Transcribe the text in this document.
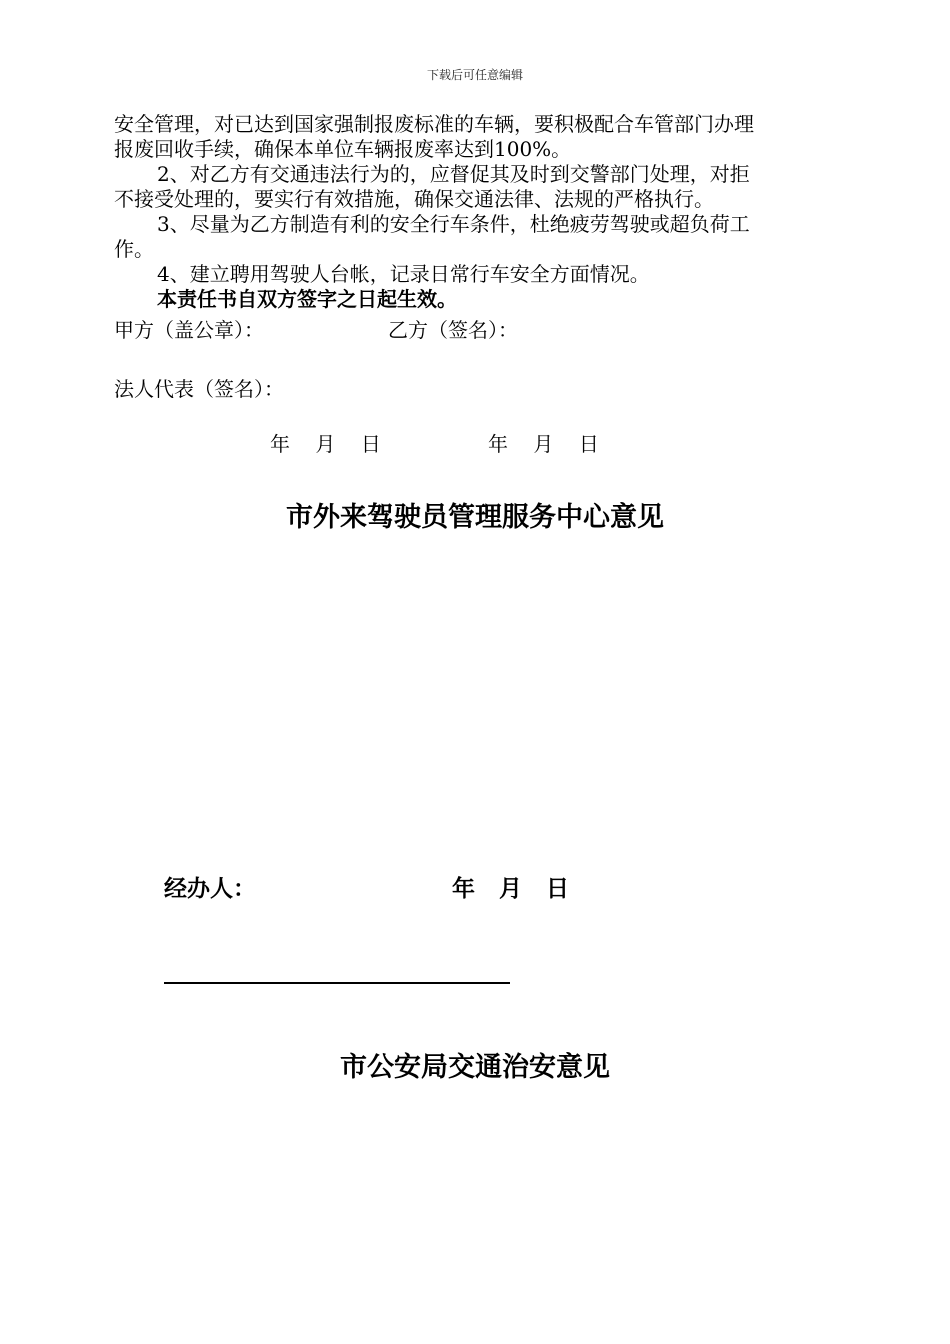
下载后可任意编辑

安全管理，对已达到国家强制报废标准的车辆，要积极配合车管部门办理

报废回收手续，确保本单位车辆报废率达到100%。

2、对乙方有交通违法行为的，应督促其及时到交警部门处理，对拒

不接受处理的，要实行有效措施，确保交通法律、法规的严格执行。

3、尽量为乙方制造有利的安全行车条件，杜绝疲劳驾驶或超负荷工

作。

4、建立聘用驾驶人台帐，记录日常行车安全方面情况。

本责任书自双方签字之日起生效。

甲方（盖公章）：	乙方（签名）：
法人代表（签名）：
年    月    日	年    月    日
市外来驾驶员管理服务中心意见
经办人：	年   月   日
市公安局交通治安意见
